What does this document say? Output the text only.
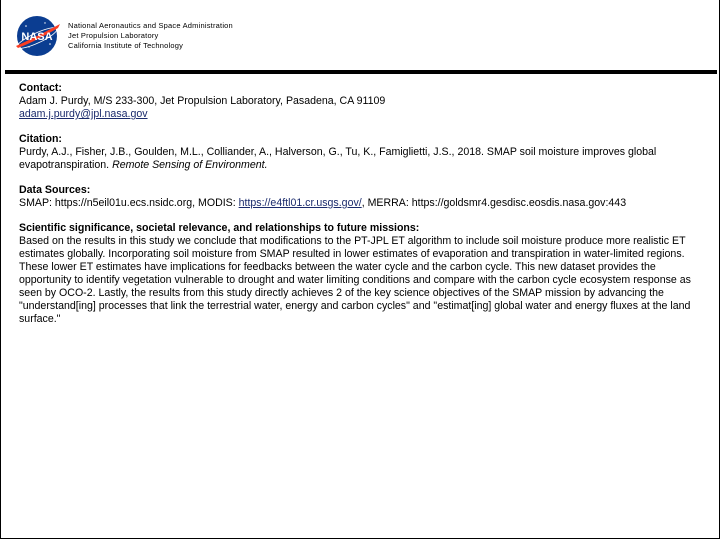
NASA
National Aeronautics and Space Administration
Jet Propulsion Laboratory
California Institute of Technology
Contact:
Adam J. Purdy, M/S 233-300, Jet Propulsion Laboratory, Pasadena, CA 91109
adam.j.purdy@jpl.nasa.gov
Citation:
Purdy, A.J., Fisher, J.B., Goulden, M.L., Colliander, A., Halverson, G., Tu, K., Famiglietti, J.S., 2018. SMAP soil moisture improves global evapotranspiration. Remote Sensing of Environment.
Data Sources:
SMAP: https://n5eil01u.ecs.nsidc.org, MODIS: https://e4ftl01.cr.usgs.gov/, MERRA: https://goldsmr4.gesdisc.eosdis.nasa.gov:443
Scientific significance, societal relevance, and relationships to future missions:
Based on the results in this study we conclude that modifications to the PT-JPL ET algorithm to include soil moisture produce more realistic ET estimates globally. Incorporating soil moisture from SMAP resulted in lower estimates of evaporation and transpiration in water-limited regions. These lower ET estimates have implications for feedbacks between the water cycle and the carbon cycle. This new dataset provides the opportunity to identify vegetation vulnerable to drought and water limiting conditions and compare with the carbon cycle ecosystem response as seen by OCO-2. Lastly, the results from this study directly achieves 2 of the key science objectives of the SMAP mission by advancing the "understand[ing] processes that link the terrestrial water, energy and carbon cycles" and "estimat[ing] global water and energy fluxes at the land surface."
